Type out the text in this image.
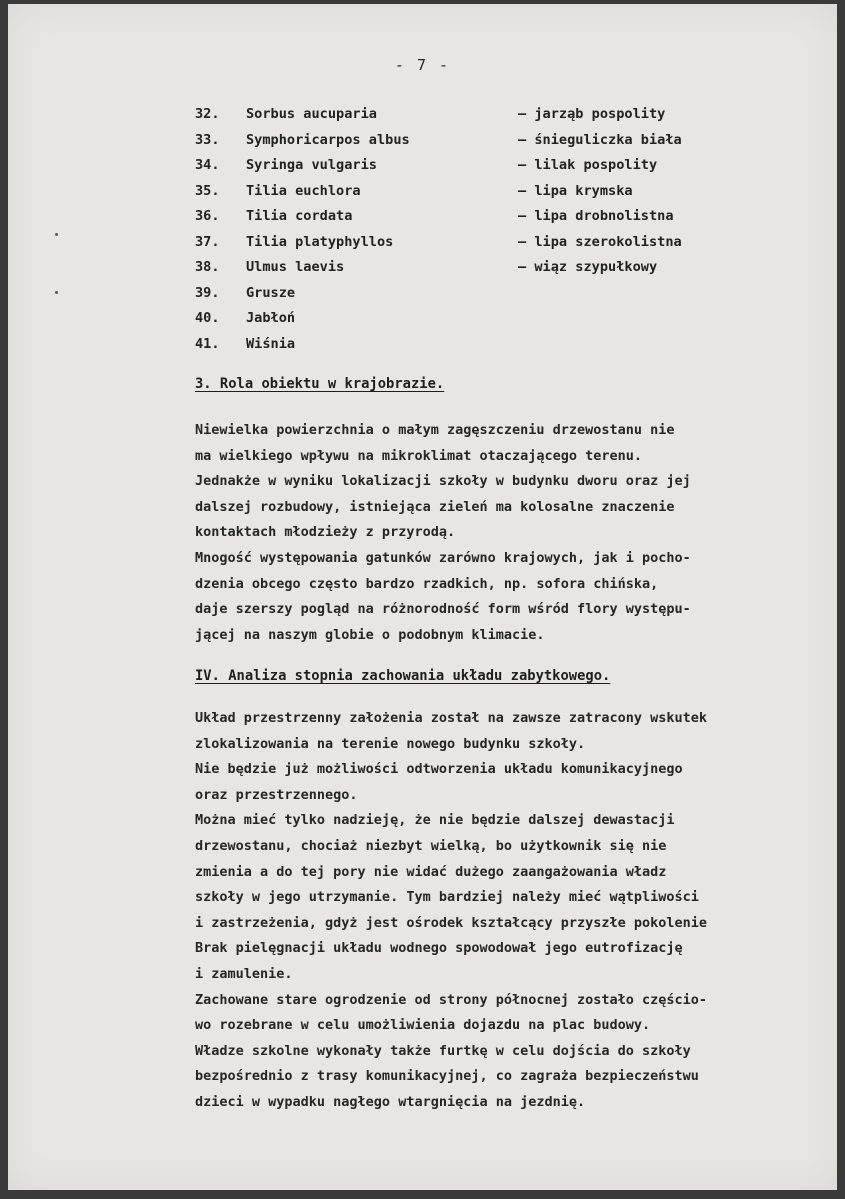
- 7 -
32. Sorbus aucuparia	– jarząb pospolity
33. Symphoricarpos albus	– śnieguliczka biała
34. Syringa vulgaris	– lilak pospolity
35. Tilia euchlora	– lipa krymska
36. Tilia cordata	– lipa drobnolistna
37. Tilia platyphyllos	– lipa szerokolistna
38. Ulmus laevis	– wiąz szypułkowy
39. Grusze
40. Jabłoń
41. Wiśnia
3. Rola obiektu w krajobrazie.
Niewielka powierzchnia o małym zagęszczeniu drzewostanu nie
ma wielkiego wpływu na mikroklimat otaczającego terenu.
Jednakże w wyniku lokalizacji szkoły w budynku dworu oraz jej
dalszej rozbudowy, istniejąca zieleń ma kolosalne znaczenie
kontaktach młodzieży z przyrodą.
Mnogość występowania gatunków zarówno krajowych, jak i pocho-
dzenia obcego często bardzo rzadkich, np. sofora chińska,
daje szerszy pogląd na różnorodność form wśród flory występu-
jącej na naszym globie o podobnym klimacie.
IV. Analiza stopnia zachowania układu zabytkowego.
Układ przestrzenny założenia został na zawsze zatracony wskutek
zlokalizowania na terenie nowego budynku szkoły.
Nie będzie już możliwości odtworzenia układu komunikacyjnego
oraz przestrzennego.
Można mieć tylko nadzieję, że nie będzie dalszej dewastacji
drzewostanu, chociaż niezbyt wielką, bo użytkownik się nie
zmienia a do tej pory nie widać dużego zaangażowania władz
szkoły w jego utrzymanie. Tym bardziej należy mieć wątpliwości
i zastrzeżenia, gdyż jest ośrodek kształcący przyszłe pokolenie
Brak pielęgnacji układu wodnego spowodował jego eutrofizację
i zamulenie.
Zachowane stare ogrodzenie od strony północnej zostało częścio-
wo rozebrane w celu umożliwienia dojazdu na plac budowy.
Władze szkolne wykonały także furtkę w celu dojścia do szkoły
bezpośrednio z trasy komunikacyjnej, co zagraża bezpieczeństwu
dzieci w wypadku nagłego wtargnięcia na jezdnię.
